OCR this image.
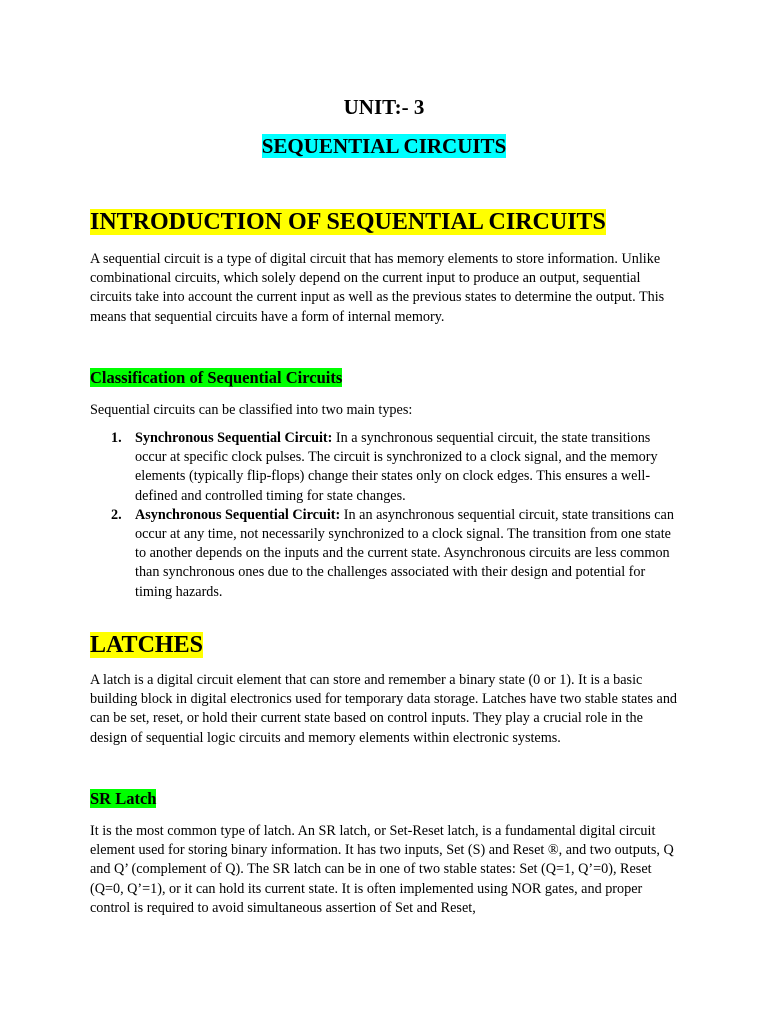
UNIT:- 3
SEQUENTIAL CIRCUITS
INTRODUCTION OF SEQUENTIAL CIRCUITS

A sequential circuit is a type of digital circuit that has memory elements to store information. Unlike combinational circuits, which solely depend on the current input to produce an output, sequential circuits take into account the current input as well as the previous states to determine the output. This means that sequential circuits have a form of internal memory.

Classification of Sequential Circuits

Sequential circuits can be classified into two main types:

1. Synchronous Sequential Circuit: In a synchronous sequential circuit, the state transitions occur at specific clock pulses. The circuit is synchronized to a clock signal, and the memory elements (typically flip-flops) change their states only on clock edges. This ensures a well-defined and controlled timing for state changes.
2. Asynchronous Sequential Circuit: In an asynchronous sequential circuit, state transitions can occur at any time, not necessarily synchronized to a clock signal. The transition from one state to another depends on the inputs and the current state. Asynchronous circuits are less common than synchronous ones due to the challenges associated with their design and potential for timing hazards.
LATCHES

A latch is a digital circuit element that can store and remember a binary state (0 or 1). It is a basic building block in digital electronics used for temporary data storage. Latches have two stable states and can be set, reset, or hold their current state based on control inputs. They play a crucial role in the design of sequential logic circuits and memory elements within electronic systems.

SR Latch

It is the most common type of latch. An SR latch, or Set-Reset latch, is a fundamental digital circuit element used for storing binary information. It has two inputs, Set (S) and Reset ®, and two outputs, Q and Q’ (complement of Q). The SR latch can be in one of two stable states: Set (Q=1, Q’=0), Reset (Q=0, Q’=1), or it can hold its current state. It is often implemented using NOR gates, and proper control is required to avoid simultaneous assertion of Set and Reset,
